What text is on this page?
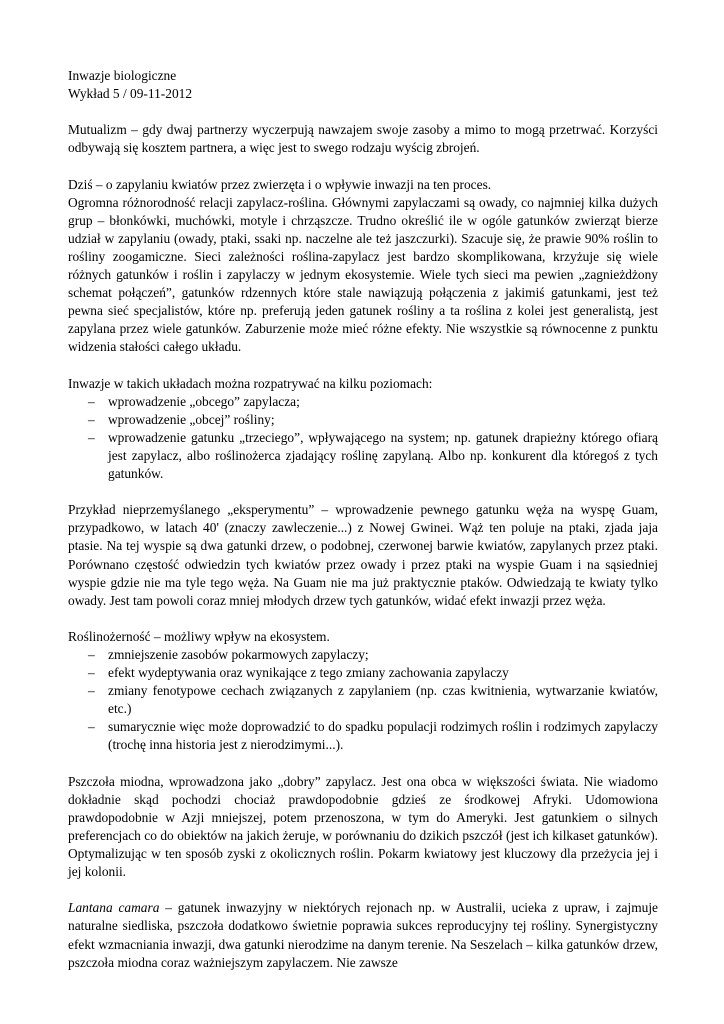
Inwazje biologiczne

Wykład 5 / 09-11-2012

Mutualizm – gdy dwaj partnerzy wyczerpują nawzajem swoje zasoby a mimo to mogą przetrwać. Korzyści odbywają się kosztem partnera, a więc jest to swego rodzaju wyścig zbrojeń.

Dziś – o zapylaniu kwiatów przez zwierzęta i o wpływie inwazji na ten proces.

Ogromna różnorodność relacji zapylacz-roślina. Głównymi zapylaczami są owady, co najmniej kilka dużych grup – błonkówki, muchówki, motyle i chrząszcze. Trudno określić ile w ogóle gatunków zwierząt bierze udział w zapylaniu (owady, ptaki, ssaki np. naczelne ale też jaszczurki). Szacuje się, że prawie 90% roślin to rośliny zoogamiczne. Sieci zależności roślina-zapylacz jest bardzo skomplikowana, krzyżuje się wiele różnych gatunków i roślin i zapylaczy w jednym ekosystemie. Wiele tych sieci ma pewien „zagnieżdżony schemat połączeń”, gatunków rdzennych które stale nawiązują połączenia z jakimiś gatunkami, jest też pewna sieć specjalistów, które np. preferują jeden gatunek rośliny a ta roślina z kolei jest generalistą, jest zapylana przez wiele gatunków. Zaburzenie może mieć różne efekty. Nie wszystkie są równocenne z punktu widzenia stałości całego układu.

Inwazje w takich układach można rozpatrywać na kilku poziomach:

– wprowadzenie „obcego” zapylacza;
– wprowadzenie „obcej” rośliny;
– wprowadzenie gatunku „trzeciego”, wpływającego na system; np. gatunek drapieżny którego ofiarą jest zapylacz, albo roślinożerca zjadający roślinę zapylaną. Albo np. konkurent dla któregoś z tych gatunków.

Przykład nieprzemyślanego „eksperymentu” – wprowadzenie pewnego gatunku węża na wyspę Guam, przypadkowo, w latach 40' (znaczy zawleczenie...) z Nowej Gwinei. Wąż ten poluje na ptaki, zjada jaja ptasie. Na tej wyspie są dwa gatunki drzew, o podobnej, czerwonej barwie kwiatów, zapylanych przez ptaki. Porównano częstość odwiedzin tych kwiatów przez owady i przez ptaki na wyspie Guam i na sąsiedniej wyspie gdzie nie ma tyle tego węża. Na Guam nie ma już praktycznie ptaków. Odwiedzają te kwiaty tylko owady. Jest tam powoli coraz mniej młodych drzew tych gatunków, widać efekt inwazji przez węża.

Roślinożerność – możliwy wpływ na ekosystem.

– zmniejszenie zasobów pokarmowych zapylaczy;
– efekt wydeptywania oraz wynikające z tego zmiany zachowania zapylaczy
– zmiany fenotypowe cechach związanych z zapylaniem (np. czas kwitnienia, wytwarzanie kwiatów, etc.)
– sumarycznie więc może doprowadzić to do spadku populacji rodzimych roślin i rodzimych zapylaczy (trochę inna historia jest z nierodzimymi...).

Pszczoła miodna, wprowadzona jako „dobry” zapylacz. Jest ona obca w większości świata. Nie wiadomo dokładnie skąd pochodzi chociaż prawdopodobnie gdzieś ze środkowej Afryki. Udomowiona prawdopodobnie w Azji mniejszej, potem przenoszona, w tym do Ameryki. Jest gatunkiem o silnych preferencjach co do obiektów na jakich żeruje, w porównaniu do dzikich pszczół (jest ich kilkaset gatunków). Optymalizując w ten sposób zyski z okolicznych roślin. Pokarm kwiatowy jest kluczowy dla przeżycia jej i jej kolonii.

Lantana camara – gatunek inwazyjny w niektórych rejonach np. w Australii, ucieka z upraw, i zajmuje naturalne siedliska, pszczoła dodatkowo świetnie poprawia sukces reproducyjny tej rośliny. Synergistyczny efekt wzmacniania inwazji, dwa gatunki nierodzime na danym terenie. Na Seszelach – kilka gatunków drzew, pszczoła miodna coraz ważniejszym zapylaczem. Nie zawsze
